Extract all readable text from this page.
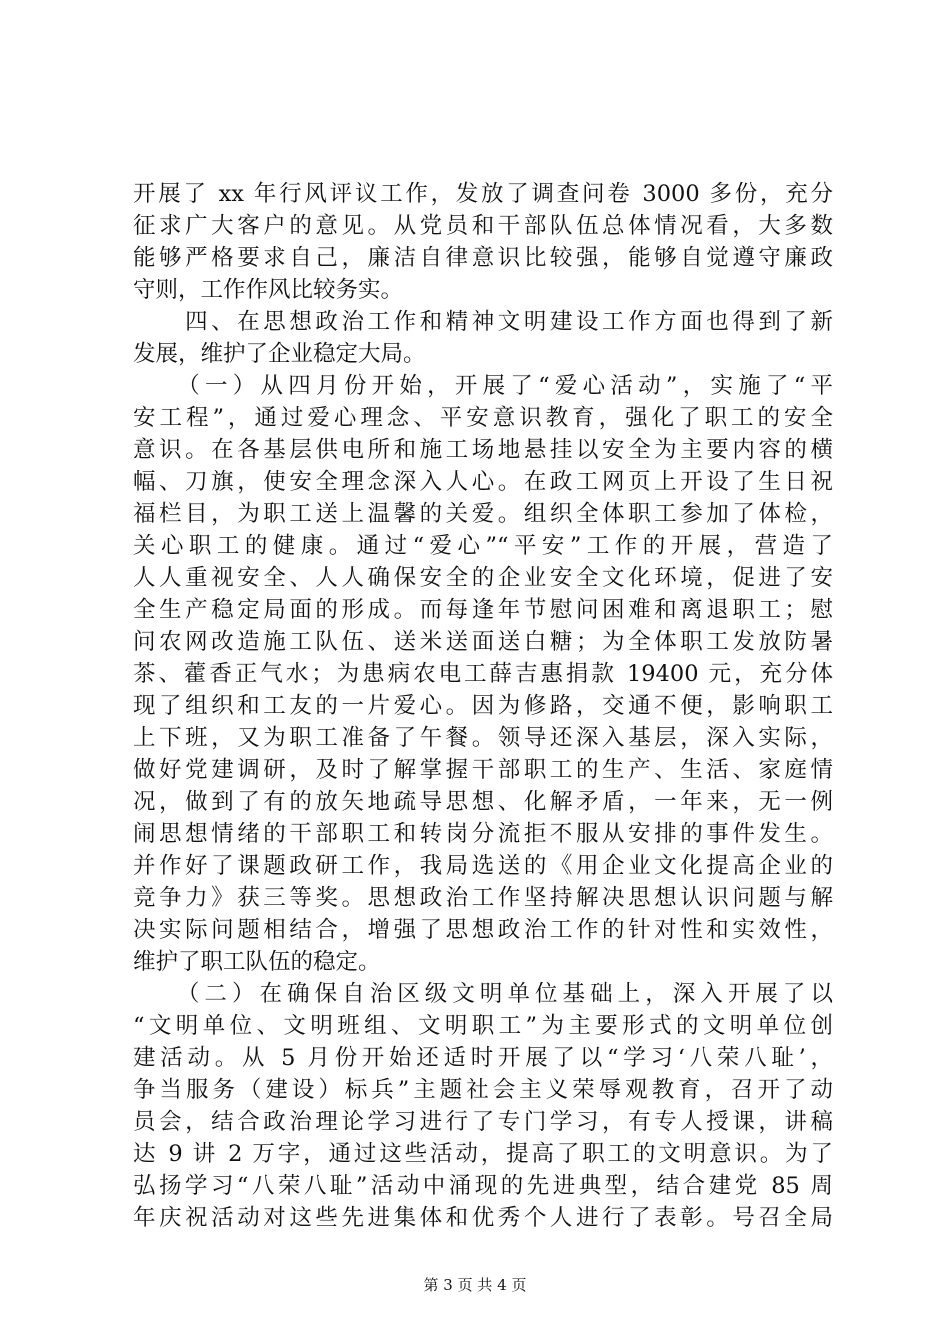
开展了 xx 年行风评议工作，发放了调查问卷 3000 多份，充分
征求广大客户的意见。从党员和干部队伍总体情况看，大多数
能够严格要求自己，廉洁自律意识比较强，能够自觉遵守廉政
守则，工作作风比较务实。
　　四、在思想政治工作和精神文明建设工作方面也得到了新
发展，维护了企业稳定大局。
　　（一）从四月份开始，开展了“爱心活动”，实施了“平
安工程”，通过爱心理念、平安意识教育，强化了职工的安全
意识。在各基层供电所和施工场地悬挂以安全为主要内容的横
幅、刀旗，使安全理念深入人心。在政工网页上开设了生日祝
福栏目，为职工送上温馨的关爱。组织全体职工参加了体检，
关心职工的健康。通过“爱心”“平安”工作的开展，营造了
人人重视安全、人人确保安全的企业安全文化环境，促进了安
全生产稳定局面的形成。而每逢年节慰问困难和离退职工；慰
问农网改造施工队伍、送米送面送白糖；为全体职工发放防暑
茶、藿香正气水；为患病农电工薛吉惠捐款 19400 元，充分体
现了组织和工友的一片爱心。因为修路，交通不便，影响职工
上下班，又为职工准备了午餐。领导还深入基层，深入实际，
做好党建调研，及时了解掌握干部职工的生产、生活、家庭情
况，做到了有的放矢地疏导思想、化解矛盾，一年来，无一例
闹思想情绪的干部职工和转岗分流拒不服从安排的事件发生。
并作好了课题政研工作，我局选送的《用企业文化提高企业的
竞争力》获三等奖。思想政治工作坚持解决思想认识问题与解
决实际问题相结合，增强了思想政治工作的针对性和实效性，
维护了职工队伍的稳定。
　　（二）在确保自治区级文明单位基础上，深入开展了以
“文明单位、文明班组、文明职工”为主要形式的文明单位创
建活动。从 5 月份开始还适时开展了以“学习‘八荣八耻’，
争当服务（建设）标兵”主题社会主义荣辱观教育，召开了动
员会，结合政治理论学习进行了专门学习，有专人授课，讲稿
达 9 讲 2 万字，通过这些活动，提高了职工的文明意识。为了
弘扬学习“八荣八耻”活动中涌现的先进典型，结合建党 85 周
年庆祝活动对这些先进集体和优秀个人进行了表彰。号召全局
第 3 页 共 4 页
